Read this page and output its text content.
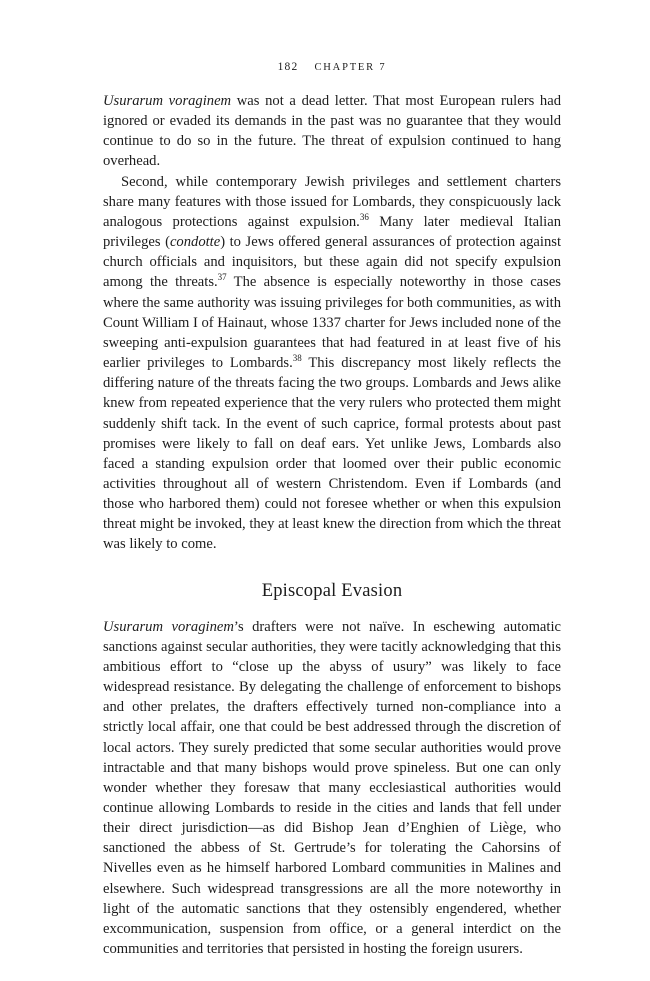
182 CHAPTER 7

Usurarum voraginem was not a dead letter. That most European rulers had ignored or evaded its demands in the past was no guarantee that they would continue to do so in the future. The threat of expulsion continued to hang overhead.

Second, while contemporary Jewish privileges and settlement charters share many features with those issued for Lombards, they conspicuously lack analogous protections against expulsion.$^{36}$ Many later medieval Italian privileges (condotte) to Jews offered general assurances of protection against church officials and inquisitors, but these again did not specify expulsion among the threats.$^{37}$ The absence is especially noteworthy in those cases where the same authority was issuing privileges for both communities, as with Count William I of Hainaut, whose 1337 charter for Jews included none of the sweeping anti-expulsion guarantees that had featured in at least five of his earlier privileges to Lombards.$^{38}$ This discrepancy most likely reflects the differing nature of the threats facing the two groups. Lombards and Jews alike knew from repeated experience that the very rulers who protected them might suddenly shift tack. In the event of such caprice, formal protests about past promises were likely to fall on deaf ears. Yet unlike Jews, Lombards also faced a standing expulsion order that loomed over their public economic activities throughout all of western Christendom. Even if Lombards (and those who harbored them) could not foresee whether or when this expulsion threat might be invoked, they at least knew the direction from which the threat was likely to come.

Episcopal Evasion

Usurarum voraginem’s drafters were not naïve. In eschewing automatic sanctions against secular authorities, they were tacitly acknowledging that this ambitious effort to “close up the abyss of usury” was likely to face widespread resistance. By delegating the challenge of enforcement to bishops and other prelates, the drafters effectively turned non-compliance into a strictly local affair, one that could be best addressed through the discretion of local actors. They surely predicted that some secular authorities would prove intractable and that many bishops would prove spineless. But one can only wonder whether they foresaw that many ecclesiastical authorities would continue allowing Lombards to reside in the cities and lands that fell under their direct jurisdiction—as did Bishop Jean d’Enghien of Liège, who sanctioned the abbess of St. Gertrude’s for tolerating the Cahorsins of Nivelles even as he himself harbored Lombard communities in Malines and elsewhere. Such widespread transgressions are all the more noteworthy in light of the automatic sanctions that they ostensibly engendered, whether excommunication, suspension from office, or a general interdict on the communities and territories that persisted in hosting the foreign usurers.
